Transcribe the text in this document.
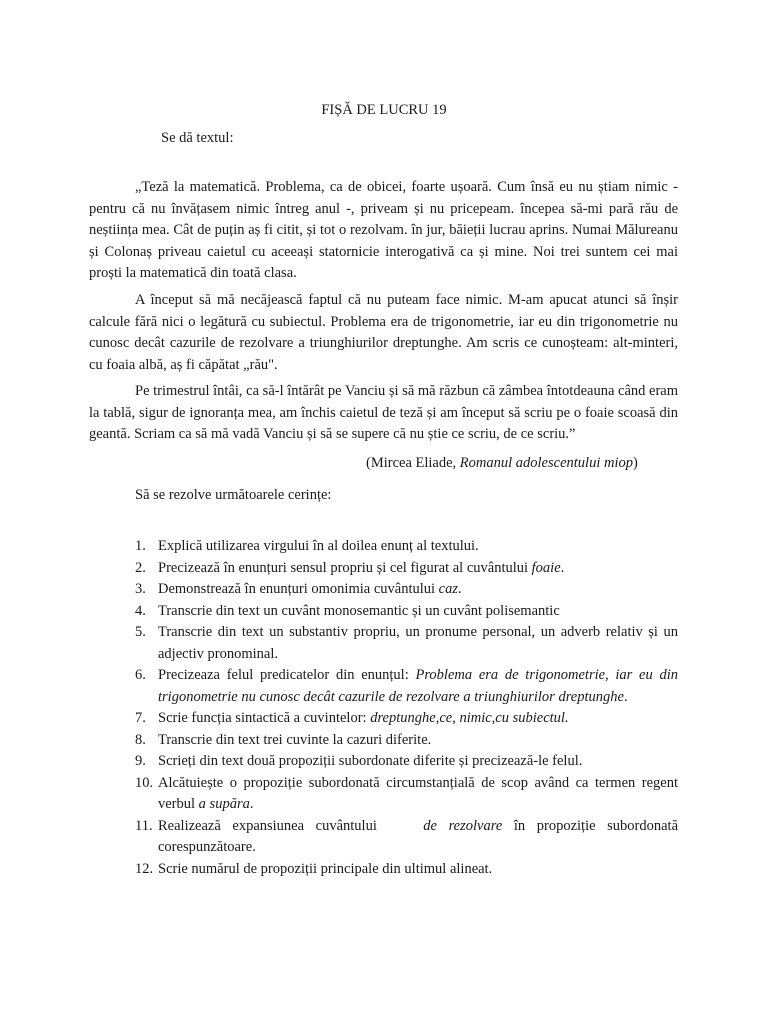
FIȘĂ DE LUCRU 19
Se dă textul:

„Teză la matematică. Problema, ca de obicei, foarte ușoară. Cum însă eu nu știam nimic - pentru că nu învățasem nimic întreg anul -, priveam și nu pricepeam. începea să-mi pară rău de neștiința mea. Cât de puțin aș fi citit, și tot o rezolvam. în jur, băieții lucrau aprins. Numai Mălureanu și Colonaș priveau caietul cu aceeași statornicie interogativă ca și mine. Noi trei suntem cei mai proști la matematică din toată clasa.

A început să mă necăjească faptul că nu puteam face nimic. M-am apucat atunci să înșir calcule fără nici o legătură cu subiectul. Problema era de trigonometrie, iar eu din trigonometrie nu cunosc decât cazurile de rezolvare a triunghiurilor dreptunghe. Am scris ce cunoșteam: alt-minteri, cu foaia albă, aș fi căpătat „rău".

Pe trimestrul întâi, ca să-l întărât pe Vanciu și să mă răzbun că zâmbea întotdeauna când eram la tablă, sigur de ignoranța mea, am închis caietul de teză și am început să scriu pe o foaie scoasă din geantă. Scriam ca să mă vadă Vanciu și să se supere că nu știe ce scriu, de ce scriu.”

(Mircea Eliade, Romanul adolescentului miop)
Să se rezolve următoarele cerințe:
1. Explică utilizarea virgului în al doilea enunț al textului.
2. Precizează în enunțuri sensul propriu și cel figurat al cuvântului foaie.
3. Demonstrează în enunțuri omonimia cuvântului caz.
4. Transcrie din text un cuvânt monosemantic și un cuvânt polisemantic
5. Transcrie din text un substantiv propriu, un pronume personal, un adverb relativ și un adjectiv pronominal.
6. Precizeaza felul predicatelor din enunțul: Problema era de trigonometrie, iar eu din trigonometrie nu cunosc decât cazurile de rezolvare a triunghiurilor dreptunghe.
7. Scrie funcția sintactică a cuvintelor: dreptunghe,ce, nimic,cu subiectul.
8. Transcrie din text trei cuvinte la cazuri diferite.
9. Scrieți din text două propoziții subordonate diferite și precizează-le felul.
10. Alcătuiește o propoziție subordonată circumstanțială de scop având ca termen regent verbul a supăra.
11. Realizează expansiunea cuvântului    de rezolvare în propoziție subordonată corespunzătoare.
12. Scrie numărul de propoziții principale din ultimul alineat.
